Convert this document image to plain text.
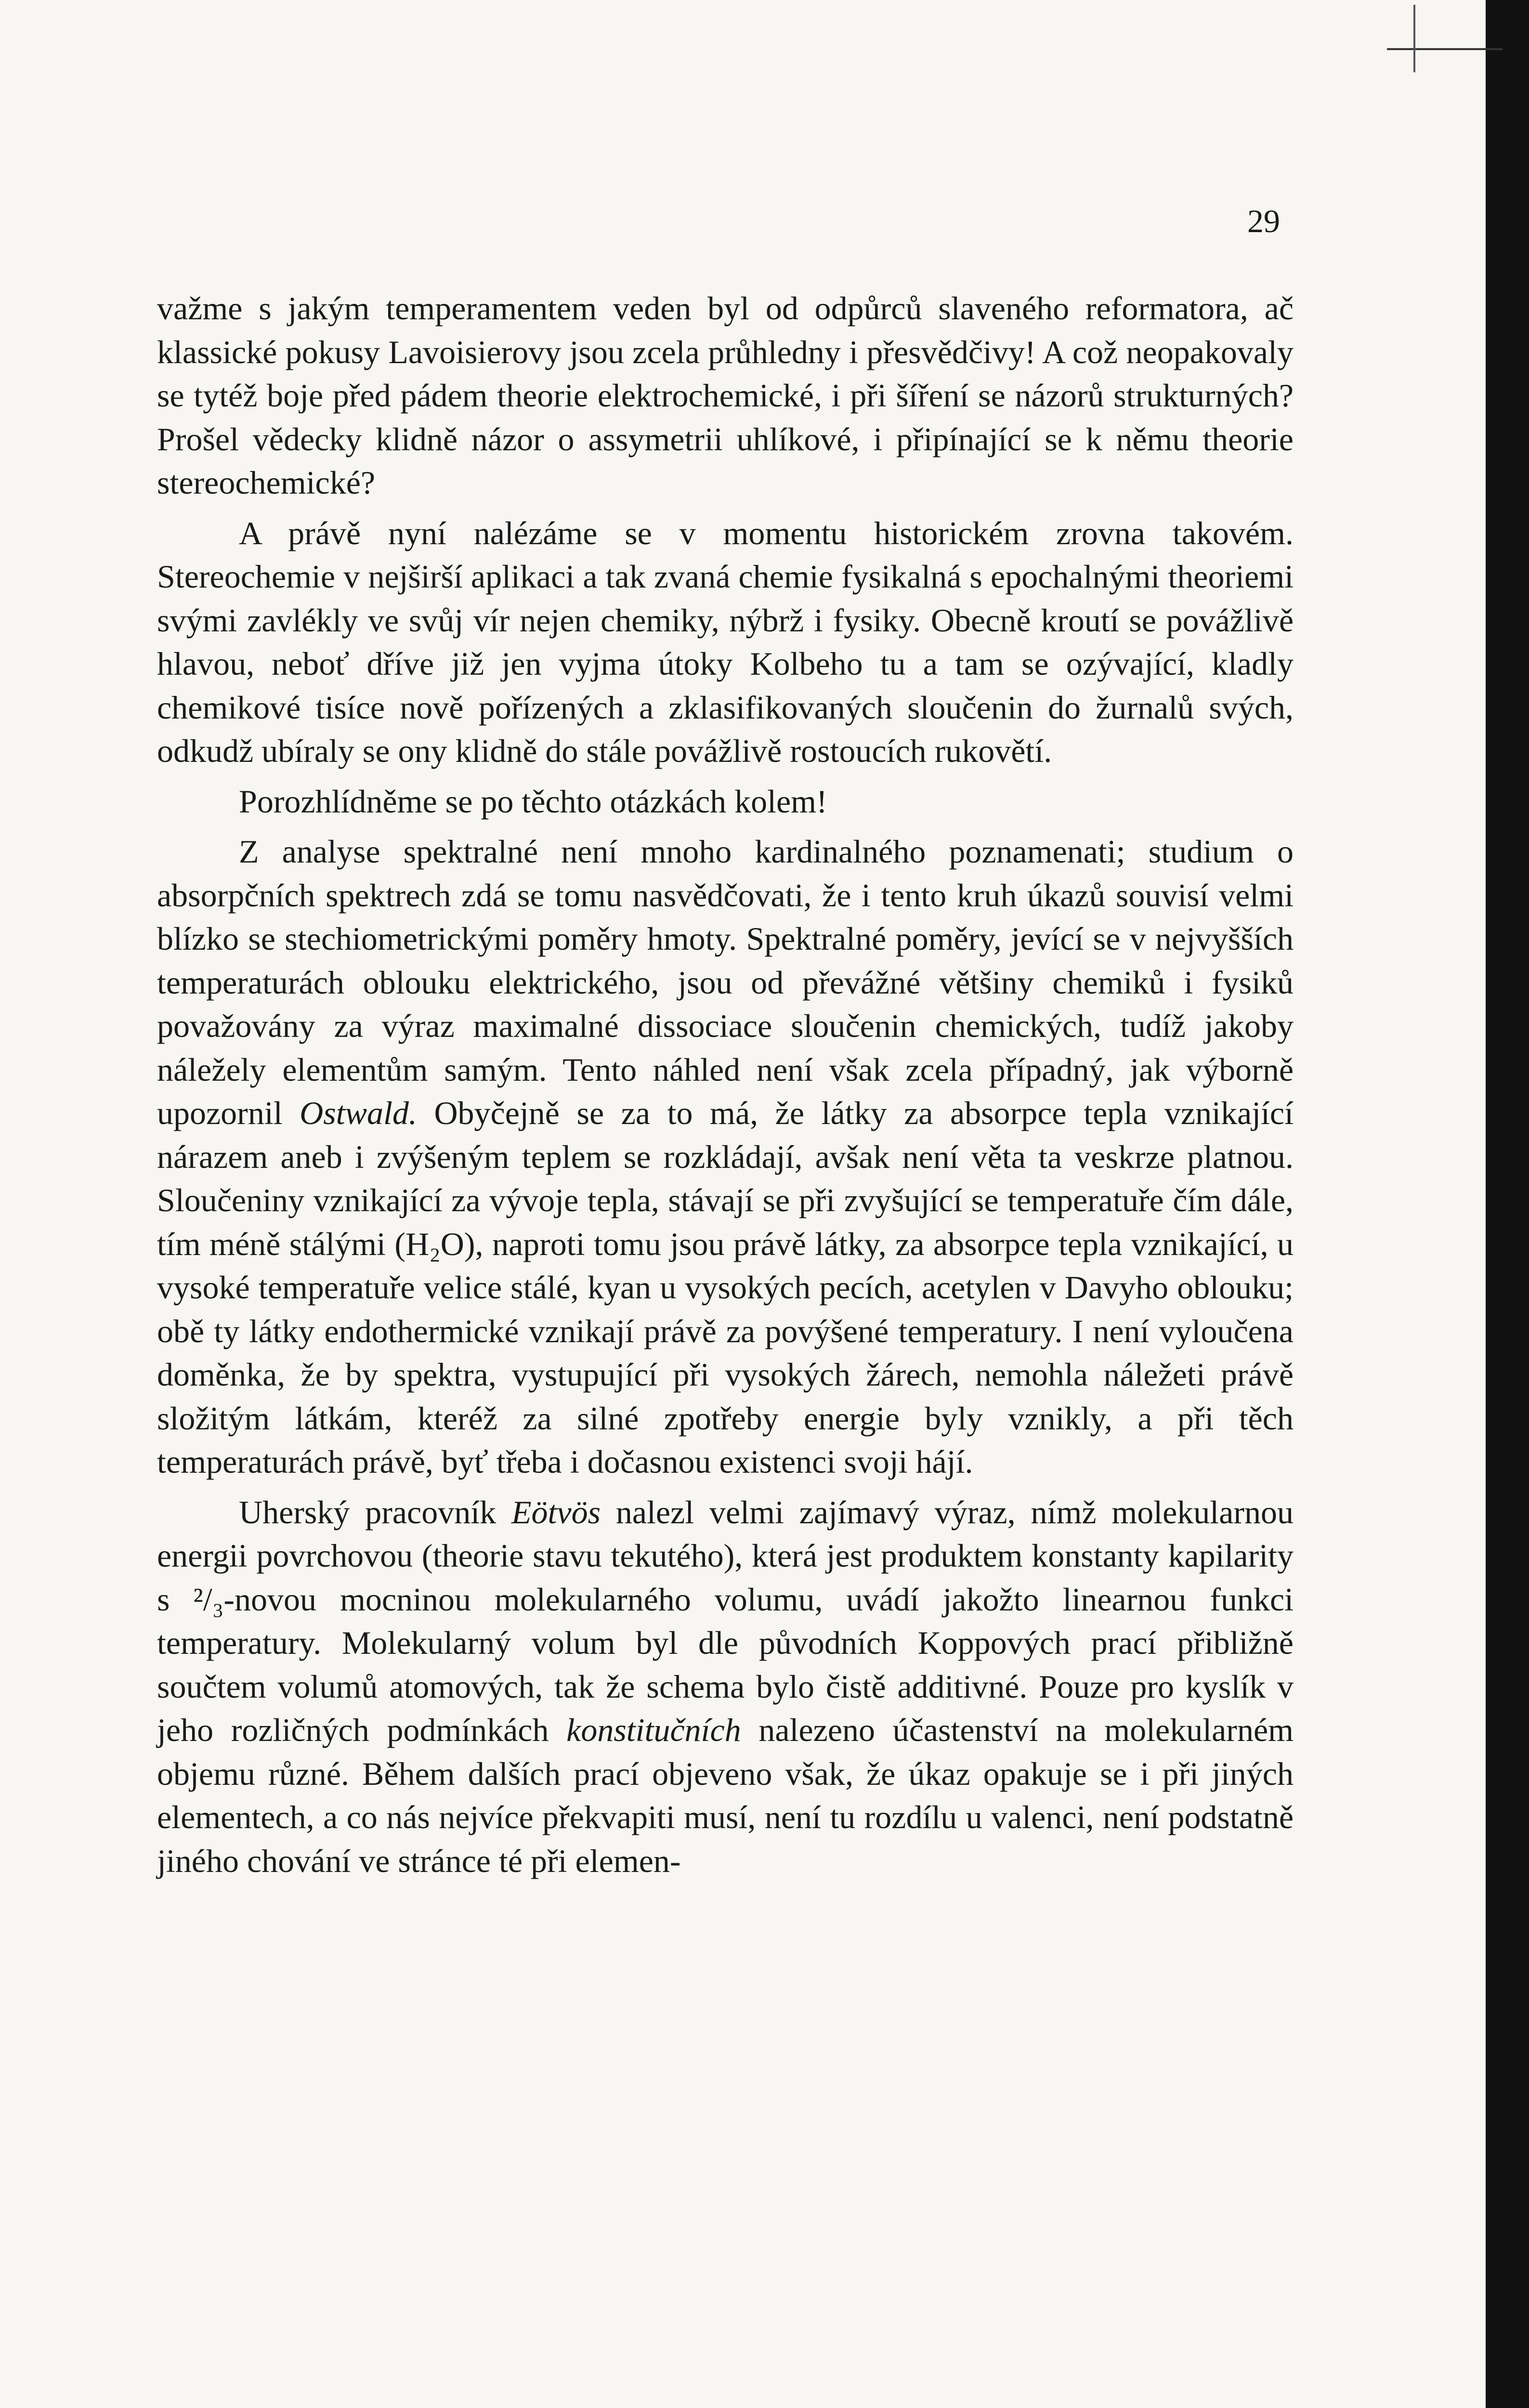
29

važme s jakým temperamentem veden byl od odpůrců slaveného reformatora, ač klassické pokusy Lavoisierovy jsou zcela průhledny i přesvědčivy! A což neopakovaly se tytéž boje před pádem theorie elektrochemické, i při šíření se názorů strukturných? Prošel vědecky klidně názor o assymetrii uhlíkové, i připínající se k němu theorie stereochemické?

A právě nyní nalézáme se v momentu historickém zrovna takovém. Stereochemie v nejširší aplikaci a tak zvaná chemie fysikalná s epochalnými theoriemi svými zavlékly ve svůj vír nejen chemiky, nýbrž i fysiky. Obecně kroutí se povážlivě hlavou, neboť dříve již jen vyjma útoky Kolbeho tu a tam se ozývající, kladly chemikové tisíce nově pořízených a zklasifikovaných sloučenin do žurnalů svých, odkudž ubíraly se ony klidně do stále povážlivě rostoucích rukovětí.

Porozhlídněme se po těchto otázkách kolem!

Z analyse spektralné není mnoho kardinalného poznamenati; studium o absorpčních spektrech zdá se tomu nasvědčovati, že i tento kruh úkazů souvisí velmi blízko se stechiometrickými poměry hmoty. Spektralné poměry, jevící se v nejvyšších temperaturách oblouku elektrického, jsou od převážné většiny chemiků i fysiků považovány za výraz maximalné dissociace sloučenin chemických, tudíž jakoby náležely elementům samým. Tento náhled není však zcela případný, jak výborně upozornil Ostwald. Obyčejně se za to má, že látky za absorpce tepla vznikající nárazem aneb i zvýšeným teplem se rozkládají, avšak není věta ta veskrze platnou. Sloučeniny vznikající za vývoje tepla, stávají se při zvyšující se temperatuře čím dále, tím méně stálými (H₂O), naproti tomu jsou právě látky, za absorpce tepla vznikající, u vysoké temperatuře velice stálé, kyan u vysokých pecích, acetylen v Davyho oblouku; obě ty látky endothermické vznikají právě za povýšené temperatury. I není vyloučena doměnka, že by spektra, vystupující při vysokých žárech, nemohla náležeti právě složitým látkám, kteréž za silné zpotřeby energie byly vznikly, a při těch temperaturách právě, byť třeba i dočasnou existenci svoji hájí.

Uherský pracovník Eötvös nalezl velmi zajímavý výraz, nímž molekularnou energii povrchovou (theorie stavu tekutého), která jest produktem konstanty kapilarity s ²/₃-novou mocninou molekularného volumu, uvádí jakožto linearnou funkci temperatury. Molekularný volum byl dle původních Koppových prací přibližně součtem volumů atomových, tak že schema bylo čistě additivné. Pouze pro kyslík v jeho rozličných podmínkách konstitučních nalezeno účastenství na molekularném objemu různé. Během dalších prací objeveno však, že úkaz opakuje se i při jiných elementech, a co nás nejvíce překvapiti musí, není tu rozdílu u valenci, není podstatně jiného chování ve stránce té při elemen-
